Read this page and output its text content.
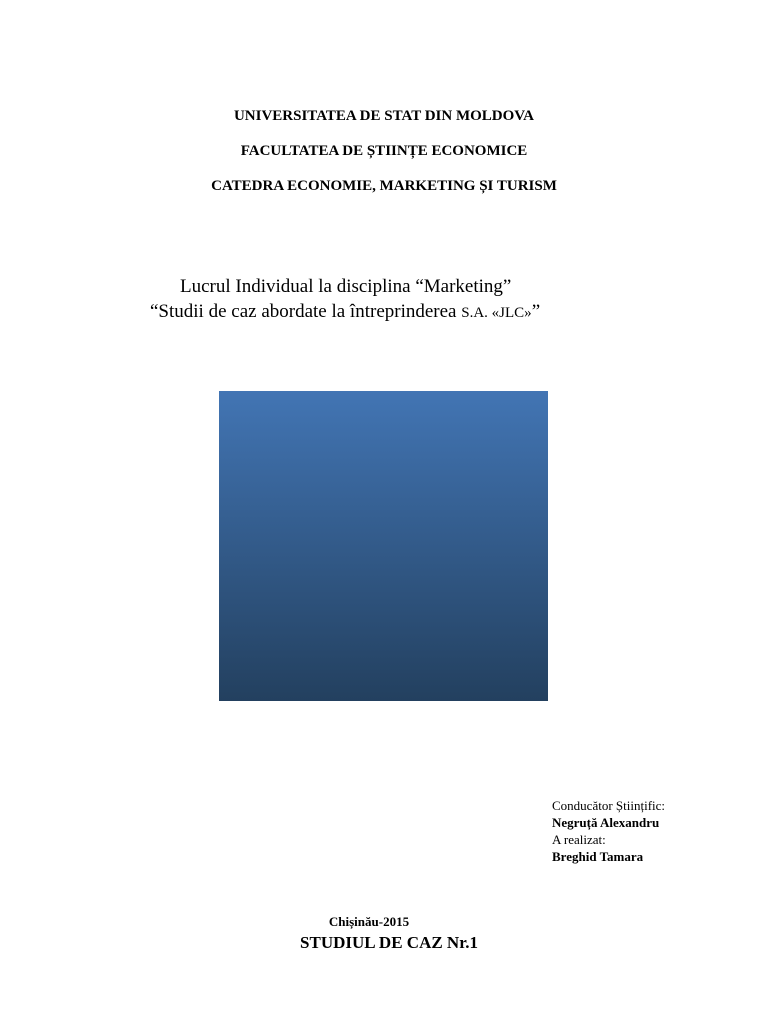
UNIVERSITATEA DE STAT DIN MOLDOVA
FACULTATEA DE ȘTIINȚE ECONOMICE
CATEDRA ECONOMIE, MARKETING ȘI TURISM
Lucrul Individual la disciplina “Marketing”
“Studii de caz abordate la întreprinderea S.A. «JLC»”
Conducător Științific:
Negruță Alexandru
A realizat:
Breghid Tamara
Chișinău-2015
STUDIUL DE CAZ Nr.1
